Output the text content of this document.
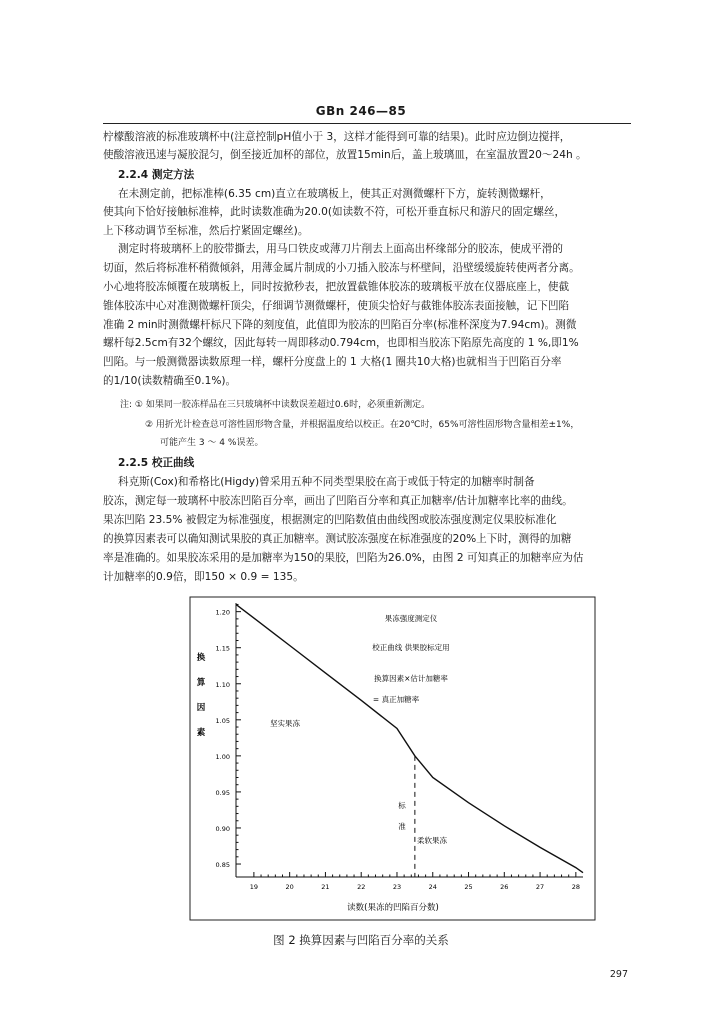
GBn 246—85
柠檬酸溶液的标准玻璃杯中(注意控制pH值小于 3，这样才能得到可靠的结果)。此时应边倒边搅拌，
使酸溶液迅速与凝胶混匀，倒至接近加杯的部位，放置15min后，盖上玻璃皿，在室温放置20～24h 。
2.2.4 测定方法
在未测定前，把标准棒(6.35 cm)直立在玻璃板上，使其正对测微螺杆下方，旋转测微螺杆，
使其向下恰好接触标准棒，此时读数准确为20.0(如读数不符，可松开垂直标尺和游尺的固定螺丝，
上下移动调节至标准，然后拧紧固定螺丝)。
测定时将玻璃杯上的胶带撕去，用马口铁皮或薄刀片削去上面高出杯缘部分的胶冻，使成平滑的
切面，然后将标准杯稍微倾斜，用薄金属片制成的小刀插入胶冻与杯壁间，沿壁缓缓旋转使两者分离。
小心地将胶冻倾覆在玻璃板上，同时按掀秒表，把放置截锥体胶冻的玻璃板平放在仪器底座上，使截
锥体胶冻中心对准测微螺杆顶尖，仔细调节测微螺杆，使顶尖恰好与截锥体胶冻表面接触，记下凹陷
准确 2 min时测微螺杆标尺下降的刻度值，此值即为胶冻的凹陷百分率(标准杯深度为7.94cm)。测微
螺杆每2.5cm有32个螺纹，因此每转一周即移动0.794cm，也即相当胶冻下陷原先高度的 1 %,即1%
凹陷。与一般测微器读数原理一样，螺杆分度盘上的 1 大格(1 圈共10大格)也就相当于凹陷百分率
的1/10(读数精确至0.1%)。
注: ① 如果同一胶冻样品在三只玻璃杯中读数误差超过0.6时，必须重新测定。
② 用折光计检查总可溶性固形物含量，并根据温度给以校正。在20℃时，65%可溶性固形物含量相差±1%，
可能产生 3 ～ 4 %误差。
2.2.5 校正曲线
科克斯(Cox)和希格比(Higdy)曾采用五种不同类型果胶在高于或低于特定的加糖率时制备
胶冻，测定每一玻璃杯中胶冻凹陷百分率，画出了凹陷百分率和真正加糖率/估计加糖率比率的曲线。
果冻凹陷 23.5% 被假定为标准强度，根据测定的凹陷数值由曲线图或胶冻强度测定仪果胶标准化
的换算因素表可以确知测试果胶的真正加糖率。测试胶冻强度在标准强度的20%上下时，测得的加糖
率是准确的。如果胶冻采用的是加糖率为150的果胶，凹陷为26.0%，由图 2 可知真正的加糖率应为估
计加糖率的0.9倍，即150 × 0.9 = 135。
换
算
因
素
0.85
0.90
0.95
1.00
1.05
1.10
1.15
1.20
19	20	21	22	23	24	25	26	27	28
果冻强度测定仪
校正曲线 供果胶标定用
换算因素×估计加糖率
= 真正加糖率
坚实果冻
柔软果冻
标
准
读数(果冻的凹陷百分数)
图 2 换算因素与凹陷百分率的关系
297
